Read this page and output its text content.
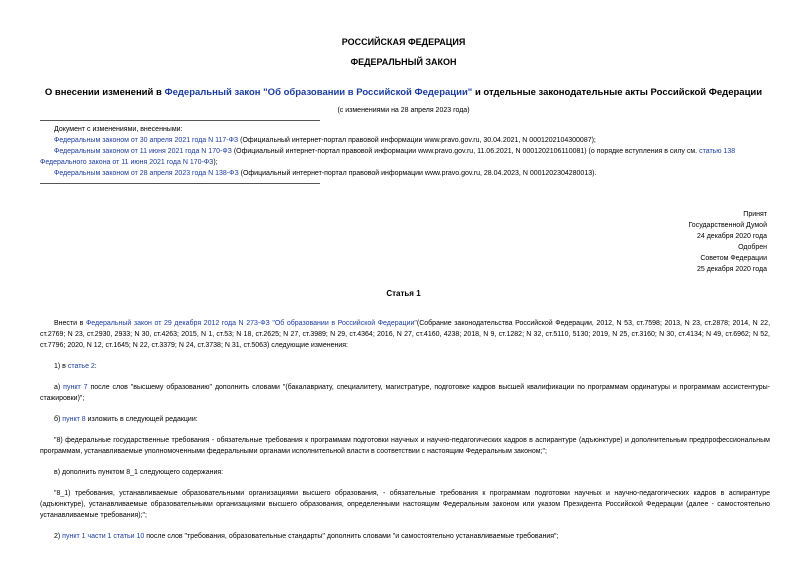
РОССИЙСКАЯ ФЕДЕРАЦИЯ
ФЕДЕРАЛЬНЫЙ ЗАКОН
О внесении изменений в Федеральный закон "Об образовании в Российской Федерации" и отдельные законодательные акты Российской Федерации
(с изменениями на 28 апреля 2023 года)

Документ с изменениями, внесенными:

Федеральным законом от 30 апреля 2021 года N 117-ФЗ (Официальный интернет-портал правовой информации www.pravo.gov.ru, 30.04.2021, N 0001202104300087);

Федеральным законом от 11 июня 2021 года N 170-ФЗ (Официальный интернет-портал правовой информации www.pravo.gov.ru, 11.06.2021, N 0001202106110081) (о порядке вступления в силу см. статью 138 Федерального закона от 11 июня 2021 года N 170-ФЗ);

Федеральным законом от 28 апреля 2023 года N 138-ФЗ (Официальный интернет-портал правовой информации www.pravo.gov.ru, 28.04.2023, N 0001202304280013).

Принят
Государственной Думой
24 декабря 2020 года
Одобрен
Советом Федерации
25 декабря 2020 года
Статья 1

Внести в Федеральный закон от 29 декабря 2012 года N 273-ФЗ "Об образовании в Российской Федерации"(Собрание законодательства Российской Федерации, 2012, N 53, ст.7598; 2013, N 23, ст.2878; 2014, N 22, ст.2769; N 23, ст.2930, 2933; N 30, ст.4263; 2015, N 1, ст.53; N 18, ст.2625; N 27, ст.3989; N 29, ст.4364; 2016, N 27, ст.4160, 4238; 2018, N 9, ст.1282; N 32, ст.5110, 5130; 2019, N 25, ст.3160; N 30, ст.4134; N 49, ст.6962; N 52, ст.7796; 2020, N 12, ст.1645; N 22, ст.3379; N 24, ст.3738; N 31, ст.5063) следующие изменения:

1) в статье 2:

а) пункт 7 после слов "высшему образованию" дополнить словами "(бакалавриату, специалитету, магистратуре, подготовке кадров высшей квалификации по программам ординатуры и программам ассистентуры-стажировки)";

б) пункт 8 изложить в следующей редакции:

"8) федеральные государственные требования - обязательные требования к программам подготовки научных и научно-педагогических кадров в аспирантуре (адъюнктуре) и дополнительным предпрофессиональным программам, устанавливаемые уполномоченными федеральными органами исполнительной власти в соответствии с настоящим Федеральным законом;";

в) дополнить пунктом 8_1 следующего содержания:

"8_1) требования, устанавливаемые образовательными организациями высшего образования, - обязательные требования к программам подготовки научных и научно-педагогических кадров в аспирантуре (адъюнктуре), устанавливаемые образовательными организациями высшего образования, определенными настоящим Федеральным законом или указом Президента Российской Федерации (далее - самостоятельно устанавливаемые требования);";

2) пункт 1 части 1 статьи 10 после слов "требования, образовательные стандарты" дополнить словами "и самостоятельно устанавливаемые требования";
